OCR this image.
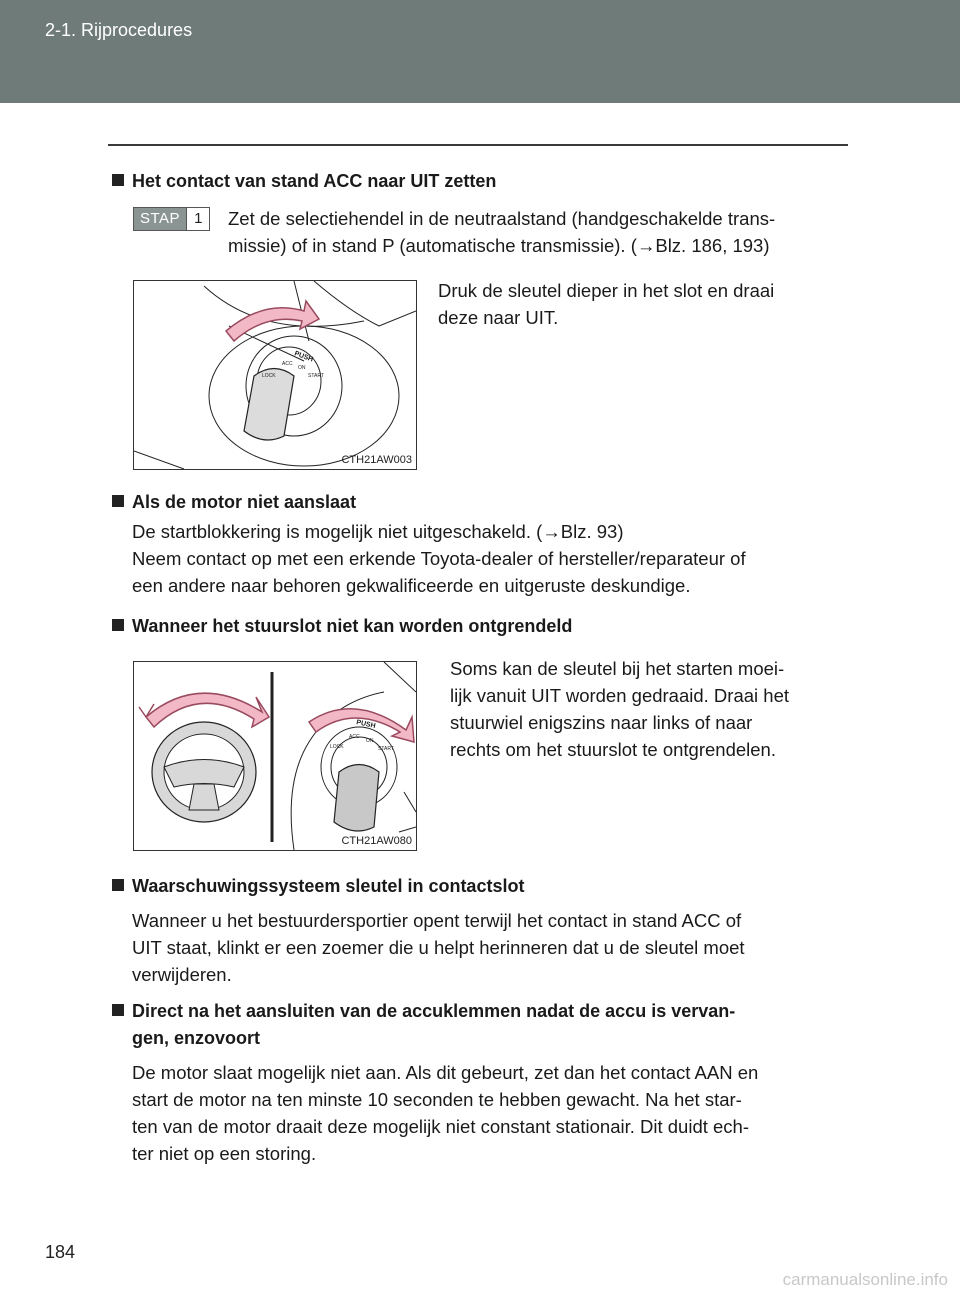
2-1. Rijprocedures
Het contact van stand ACC naar UIT zetten
STAP 1	Zet de selectiehendel in de neutraalstand (handgeschakelde trans-
missie) of in stand P (automatische transmissie). (→Blz. 186, 193)
PUSH
LOCK
ACC
ON
START
CTH21AW003
Druk de sleutel dieper in het slot en draai
deze naar UIT.
Als de motor niet aanslaat
De startblokkering is mogelijk niet uitgeschakeld. (→Blz. 93)
Neem contact op met een erkende Toyota-dealer of hersteller/reparateur of
een andere naar behoren gekwalificeerde en uitgeruste deskundige.
Wanneer het stuurslot niet kan worden ontgrendeld
PUSH
LOCK
ACC
ON
START
CTH21AW080
Soms kan de sleutel bij het starten moei-
lijk vanuit UIT worden gedraaid. Draai het
stuurwiel enigszins naar links of naar
rechts om het stuurslot te ontgrendelen.
Waarschuwingssysteem sleutel in contactslot
Wanneer u het bestuurdersportier opent terwijl het contact in stand ACC of
UIT staat, klinkt er een zoemer die u helpt herinneren dat u de sleutel moet
verwijderen.
Direct na het aansluiten van de accuklemmen nadat de accu is vervan-
gen, enzovoort
De motor slaat mogelijk niet aan. Als dit gebeurt, zet dan het contact AAN en
start de motor na ten minste 10 seconden te hebben gewacht. Na het star-
ten van de motor draait deze mogelijk niet constant stationair. Dit duidt ech-
ter niet op een storing.
184
carmanualsonline.info
